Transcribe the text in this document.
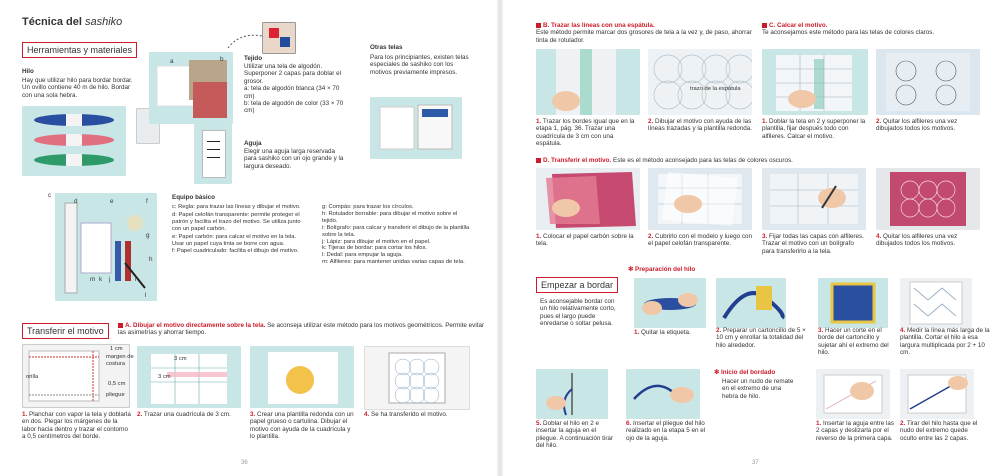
Técnica del sashiko
Herramientas y materiales
Hilo
Hay que utilizar hilo para bordar bordar. Un ovillo contiene 40 m de hilo. Bordar con una sola hebra.
a	b	Tejido
Utilizar una tela de algodón. Superponer 2 capas para doblar el grosor.
a: tela de algodón blanca (34 × 70 cm)
b: tela de algodón de color (33 × 70 cm)
Otras telas
Para los principiantes, existen telas especiales de sashiko con los motivos previamente impresos.
Aguja
Elegir una aguja larga reservada para sashiko con un ojo grande y la largura deseado.
c
d	e	f
g
h
i
j
k
l
m
Equipo básico
c: Regla: para trazar las líneas y dibujar el motivo.
d: Papel celofán transparente: permite proteger el patrón y facilita el trazo del motivo. Se utiliza junto con un papel carbón.
e: Papel carbón: para calcar el motivo en la tela. Usar un papel cuya tinta se borre con agua.
f: Papel cuadriculado: facilita el dibujo del motivo.
g: Compás: para trazar los círculos.
h: Rotulador borrable: para dibujar el motivo sobre el tejido.
i: Bolígrafo: para calcar y transferir el dibujo de la plantilla sobre la tela.
j: Lápiz: para dibujar el motivo en el papel.
k: Tijeras de bordar: para cortar los hilos.
l: Dedal: para empujar la aguja.
m: Alfileres: para mantener unidas varias capas de tela.
Transferir el motivo
A. Dibujar el motivo directamente sobre la tela. Se aconseja utilizar este método para los motivos geométricos. Permite evitar las asimetrías y ahorrar tiempo.
1 cm
margen de costura
orilla
0,5 cm
pliegue
3 cm
3 cm
1. Planchar con vapor la tela y doblarla en dos. Plegar los márgenes de la labor hacia dentro y trazar el contorno a 0,5 centímetros del borde.
2. Trazar una cuadrícula de 3 cm.	3. Crear una plantilla redonda con un papel grueso o cartulina. Dibujar el motivo con ayuda de la cuadrícula y lo plantilla.
4. Se ha transferido el motivo.
36
B. Trazar las líneas con una espátula.
Este método permite marcar dos grosores de tela a la vez y, de paso, ahorrar tinta de rotulador.
C. Calcar el motivo.
Te aconsejamos este método para las telas de colores claros.
trazo de la espátula
1. Trazar los bordes igual que en la etapa 1, pág. 36. Trazar una cuadrícula de 3 cm con una espátula.
2. Dibujar el motivo con ayuda de las líneas trazadas y la plantilla redonda.
1. Doblar la tela en 2 y superponer la plantilla, fijar después todo con alfileres. Calcar el motivo.
2. Quitar los alfileres una vez dibujados todos los motivos.
D. Transferir el motivo. Este es el método aconsejado para las telas de colores oscuros.
1. Colocar el papel carbón sobre la tela.
2. Cubrirlo con el modelo y luego con el papel celofán transparente.
3. Fijar todas las capas con alfileres. Trazar el motivo con un bolígrafo para transferirlo a la tela.
4. Quitar los alfileres una vez dibujados todos los motivos.
Empezar a bordar
Es aconsejable bordar con un hilo relativamente corto, pues el largo puede enredarse o soltar pelusa.
✻ Preparación del hilo
1. Quitar la etiqueta.	2. Preparar un cartoncillo de 5 × 10 cm y enrollar la totalidad del hilo alrededor.
3. Hacer un corte en el borde del cartoncillo y sujetar ahí el extremo del hilo.
4. Medir la línea más larga de la plantilla. Cortar el hilo a esa largura multiplicada por 2 + 10 cm.
✻ Inicio del bordado
Hacer un nudo de remate en el extremo de una hebra de hilo.
5. Doblar el hilo en 2 e insertar la aguja en el pliegue. A continuación tirar del hilo.
6. Insertar el pliegue del hilo realizado en la etapa 5 en el ojo de la aguja.
1. Insertar la aguja entre las 2 capas y deslizarla por el reverso de la primera capa.
2. Tirar del hilo hasta que el nudo del extremo quede oculto entre las 2 capas.
37
